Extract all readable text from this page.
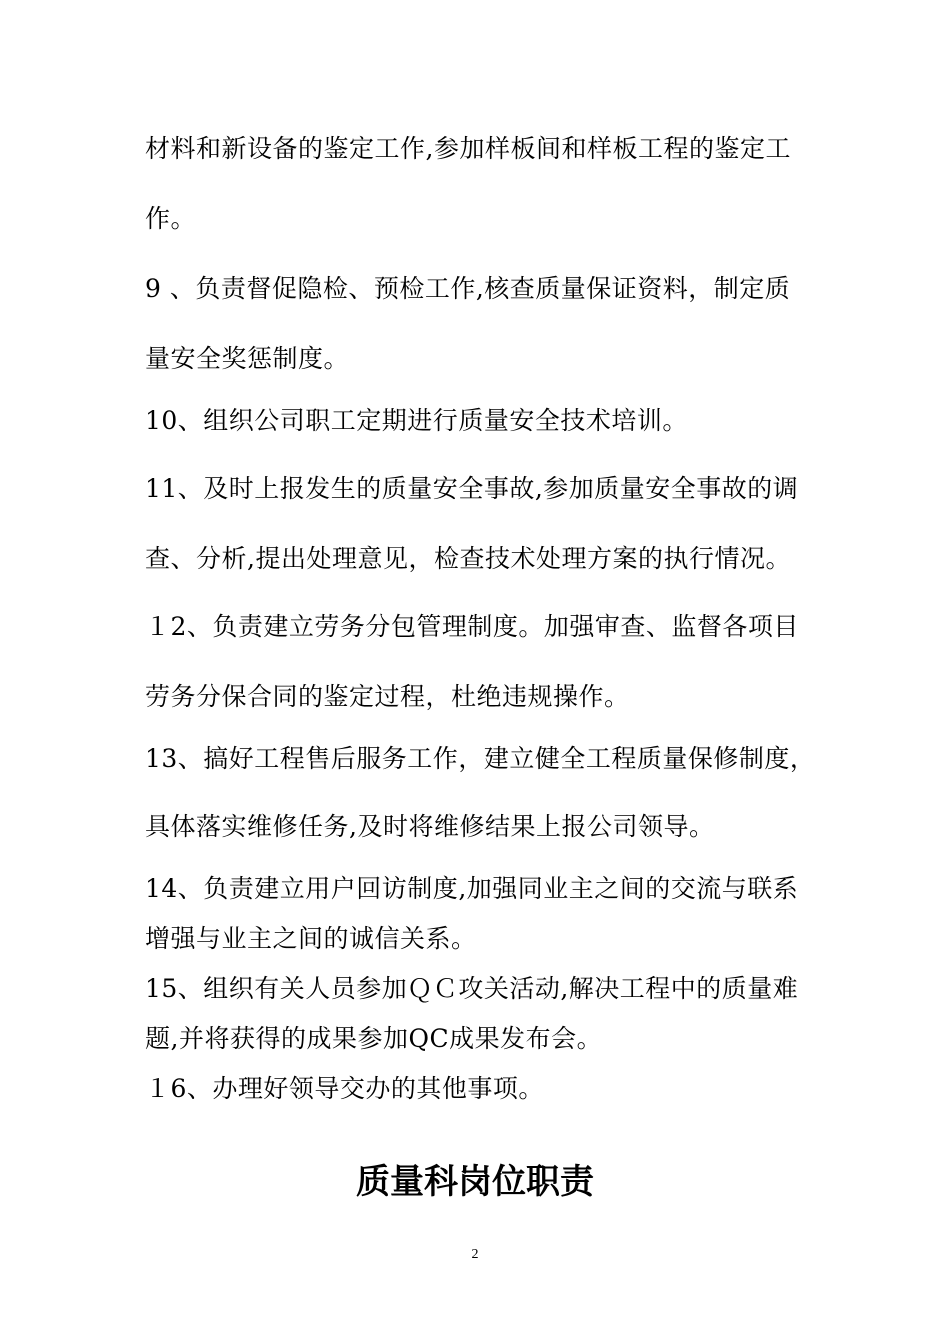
材料和新设备的鉴定工作,参加样板间和样板工程的鉴定工
作。
9 、负责督促隐检、预检工作,核查质量保证资料，制定质
量安全奖惩制度。
10、组织公司职工定期进行质量安全技术培训。
11、及时上报发生的质量安全事故,参加质量安全事故的调
查、分析,提出处理意见，检查技术处理方案的执行情况。
１2、负责建立劳务分包管理制度。加强审查、监督各项目
劳务分保合同的鉴定过程，杜绝违规操作。
13、搞好工程售后服务工作，建立健全工程质量保修制度，
具体落实维修任务,及时将维修结果上报公司领导。
14、负责建立用户回访制度,加强同业主之间的交流与联系
增强与业主之间的诚信关系。
15、组织有关人员参加ＱＣ攻关活动,解决工程中的质量难
题,并将获得的成果参加QC成果发布会。
１6、办理好领导交办的其他事项。
质量科岗位职责
2
